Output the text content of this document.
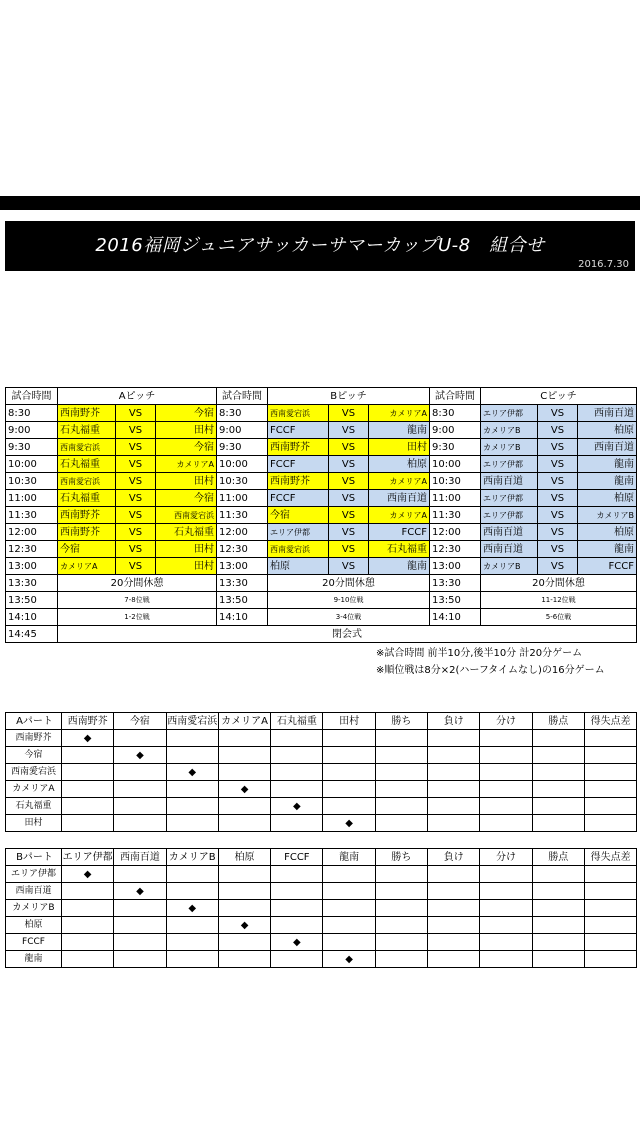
2016福岡ジュニアサッカーサマーカップU-8　組合せ
2016.7.30
試合時間	Aピッチ			試合時間	Bピッチ			試合時間	Cピッチ		
8:30	西南野芥	VS	今宿	8:30	西南愛宕浜	VS	カメリアA	8:30	エリア伊都	VS	西南百道
9:00	石丸福重	VS	田村	9:00	FCCF	VS	龍南	9:00	カメリアB	VS	柏原
9:30	西南愛宕浜	VS	今宿	9:30	西南野芥	VS	田村	9:30	カメリアB	VS	西南百道
10:00	石丸福重	VS	カメリアA	10:00	FCCF	VS	柏原	10:00	エリア伊都	VS	龍南
10:30	西南愛宕浜	VS	田村	10:30	西南野芥	VS	カメリアA	10:30	西南百道	VS	龍南
11:00	石丸福重	VS	今宿	11:00	FCCF	VS	西南百道	11:00	エリア伊都	VS	柏原
11:30	西南野芥	VS	西南愛宕浜	11:30	今宿	VS	カメリアA	11:30	エリア伊都	VS	カメリアB
12:00	西南野芥	VS	石丸福重	12:00	エリア伊都	VS	FCCF	12:00	西南百道	VS	柏原
12:30	今宿	VS	田村	12:30	西南愛宕浜	VS	石丸福重	12:30	西南百道	VS	龍南
13:00	カメリアA	VS	田村	13:00	柏原	VS	龍南	13:00	カメリアB	VS	FCCF
13:30	20分間休憩			13:30	20分間休憩			13:30	20分間休憩		
13:50	7-8位戦			13:50	9-10位戦			13:50	11-12位戦		
14:10	1-2位戦			14:10	3-4位戦			14:10	5-6位戦		
14:45	閉会式										
※試合時間 前半10分,後半10分 計20分ゲーム
※順位戦は8分×2(ハーフタイムなし)の16分ゲーム
Aパート	西南野芥	今宿	西南愛宕浜	カメリアA	石丸福重	田村	勝ち	負け	分け	勝点	得失点差
西南野芥	◆										
今宿		◆									
西南愛宕浜			◆								
カメリアA				◆							
石丸福重					◆						
田村						◆					
Bパート	エリア伊都	西南百道	カメリアB	柏原	FCCF	龍南	勝ち	負け	分け	勝点	得失点差
エリア伊都	◆										
西南百道		◆									
カメリアB			◆								
柏原				◆							
FCCF					◆						
龍南						◆					
